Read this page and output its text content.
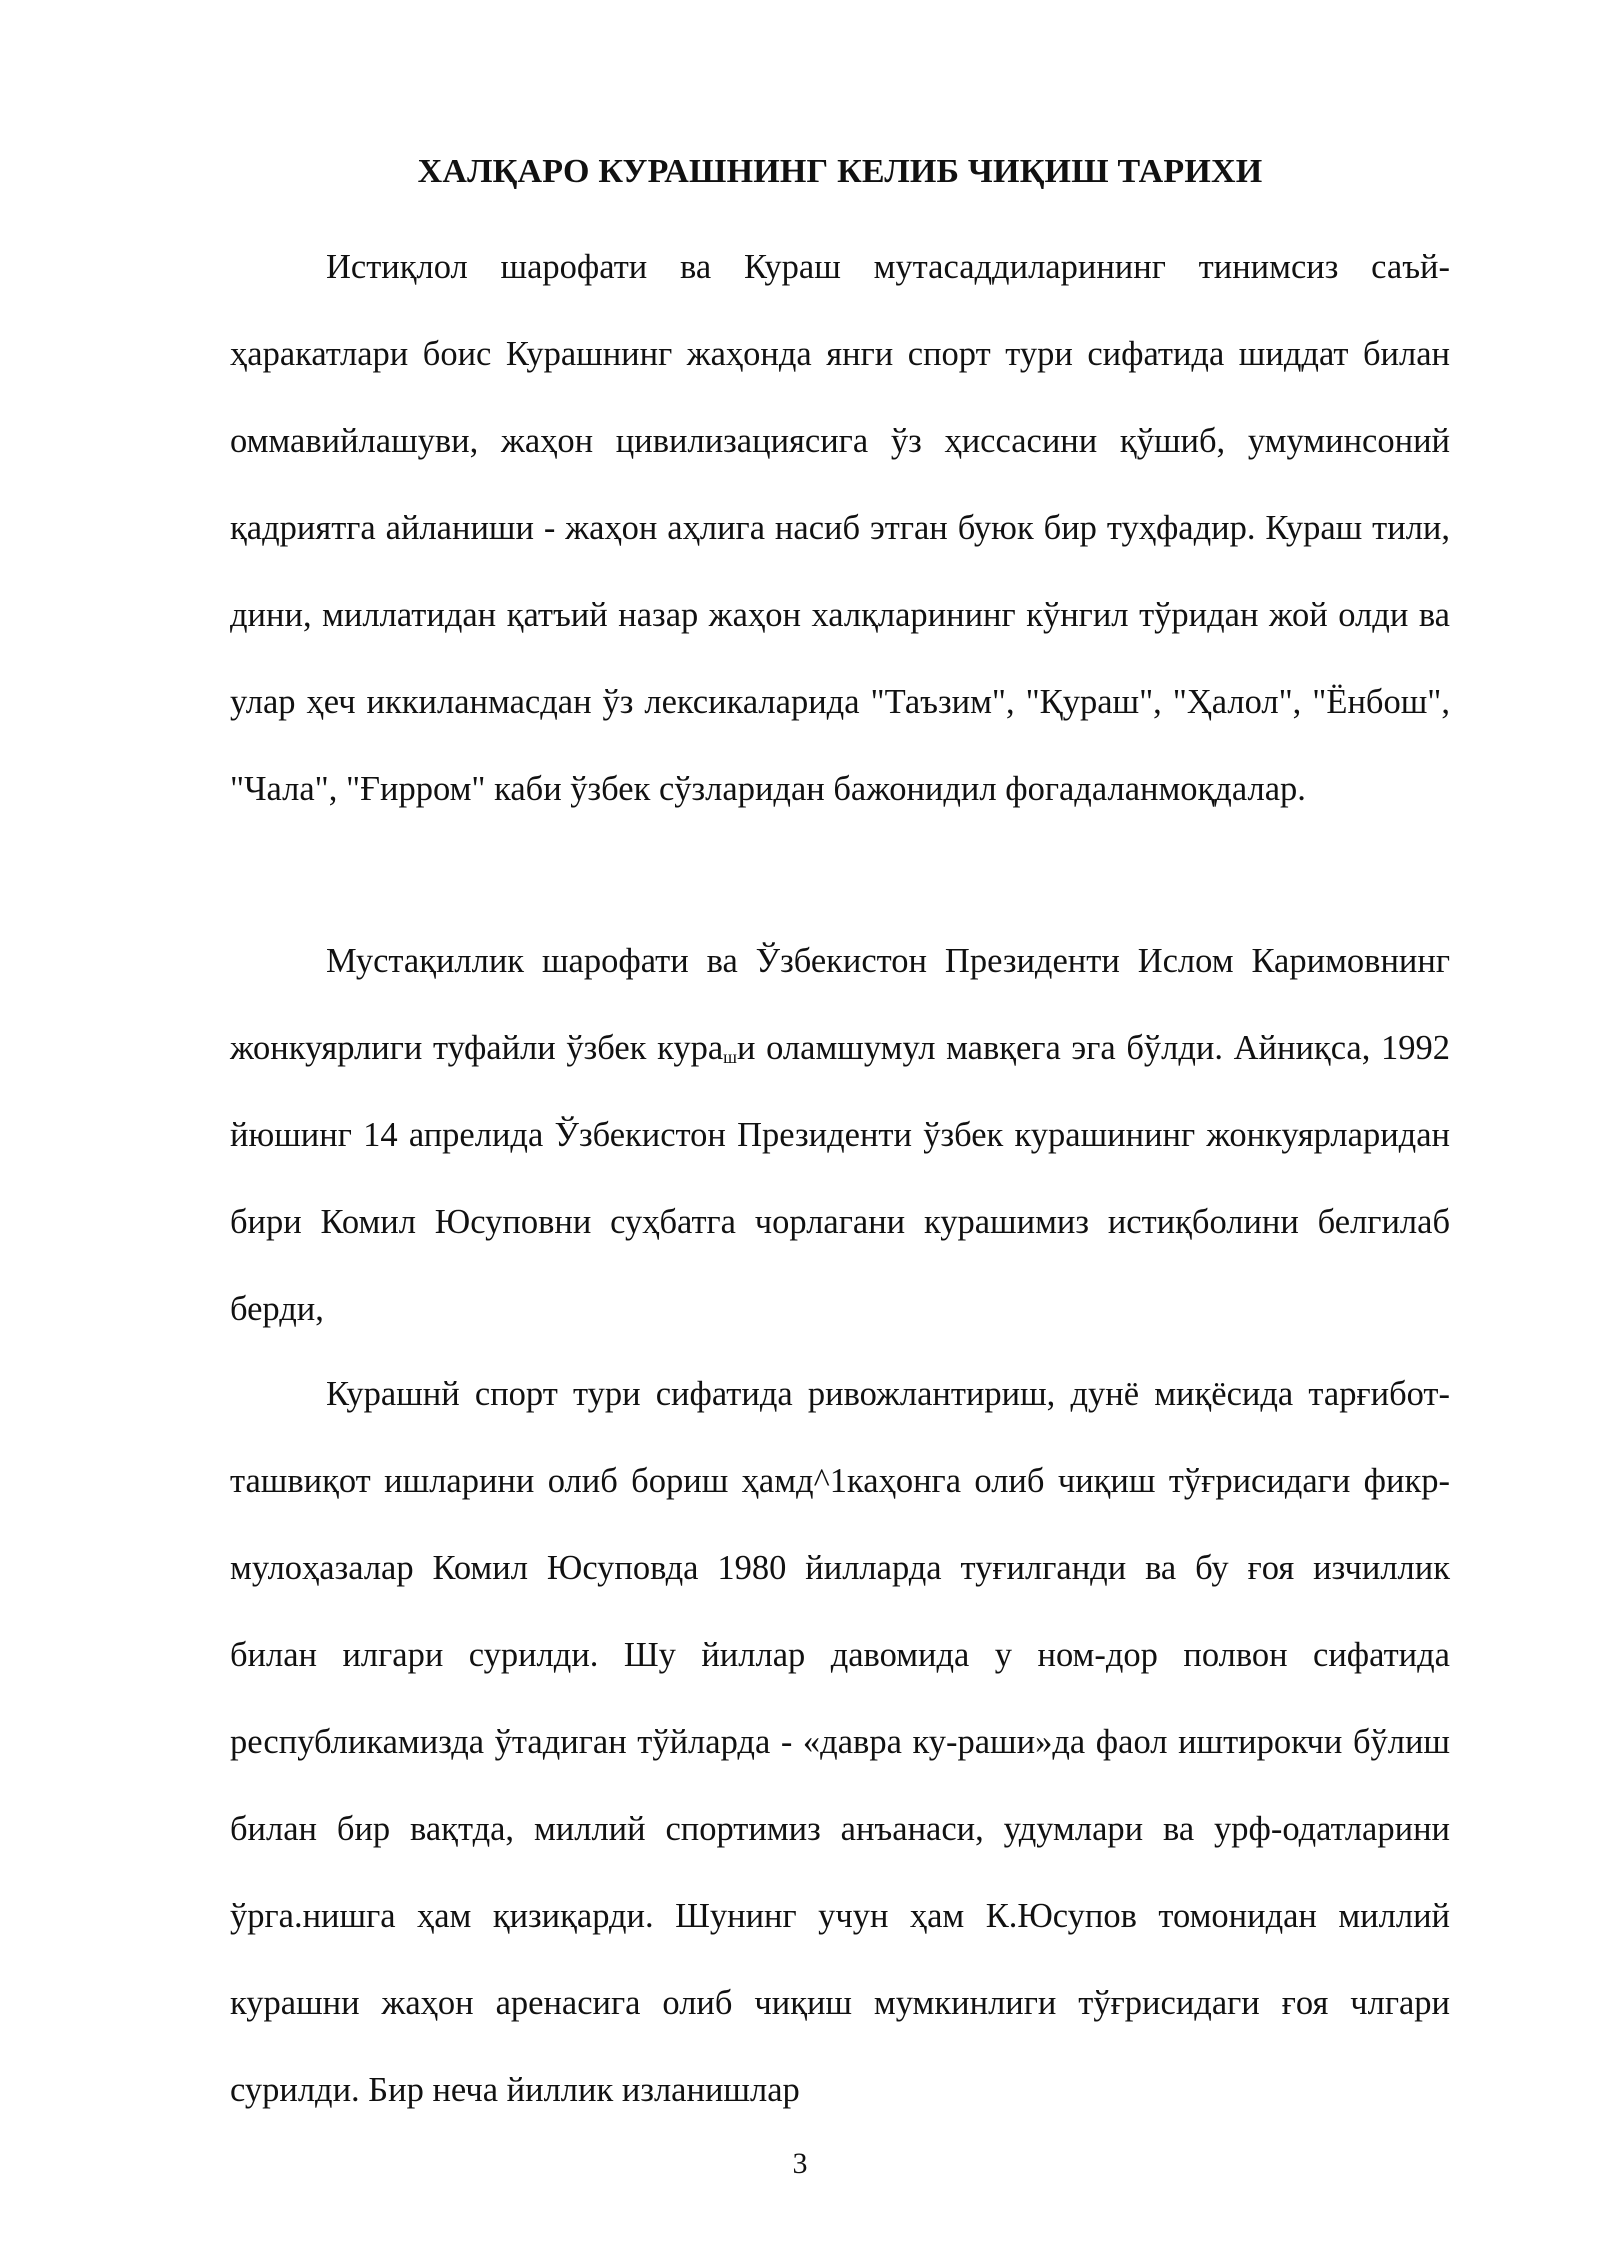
ХАЛҚАРО КУРАШНИНГ КЕЛИБ ЧИҚИШ ТАРИХИ

Истиқлол шарофати ва Кураш мутасаддиларининг тинимсиз саъй-ҳаракатлари боис Курашнинг жаҳонда янги спорт тури сифатида шиддат билан оммавийлашуви, жаҳон цивилизациясига ўз ҳиссасини қўшиб, умуминсоний қадриятга айланиши - жаҳон аҳлига насиб этган буюк бир туҳфадир. Кураш тили, дини, миллатидан қатъий назар жаҳон халқларининг кўнгил тўридан жой олди ва улар ҳеч иккиланмасдан ўз лексикаларида "Таъзим", "Қураш", "Ҳалол", "Ёнбош", "Чала", "Ғирром" каби ўзбек сўзларидан бажонидил фогадаланмоқдалар.

Мустақиллик шарофати ва Ўзбекистон Президенти Ислом Каримовнинг жонкуярлиги туфайли ўзбек кура$_ш$и оламшумул мавқега эга бўлди. Айниқса, 1992 йюшинг 14 апрелида Ўзбекистон Президенти ўзбек курашининг жонкуярларидан бири Комил Юсуповни суҳбатга чорлагани курашимиз истиқболини белгилаб берди,

Курашнй спорт тури сифатида ривожлантириш, дунё миқёсида тарғибот-ташвиқот ишларини олиб бориш ҳамд^1каҳонга олиб чиқиш тўғрисидаги фикр-мулоҳазалар Комил Юсуповда 1980 йилларда туғилганди ва бу ғоя изчиллик билан илгари сурилди. Шу йиллар давомида у ном-дор полвон сифатида республикамизда ўтадиган тўйларда - «давра ку-раши»да фаол иштирокчи бўлиш билан бир вақтда, миллий спортимиз анъанаси, удумлари ва урф-одатларини ўрга.нишга ҳам қизиқарди. Шунинг учун ҳам К.Юсупов томонидан миллий курашни жаҳон аренасига олиб чиқиш мумкинлиги тўғрисидаги ғоя члгари сурилди. Бир неча йиллик изланишлар

3
